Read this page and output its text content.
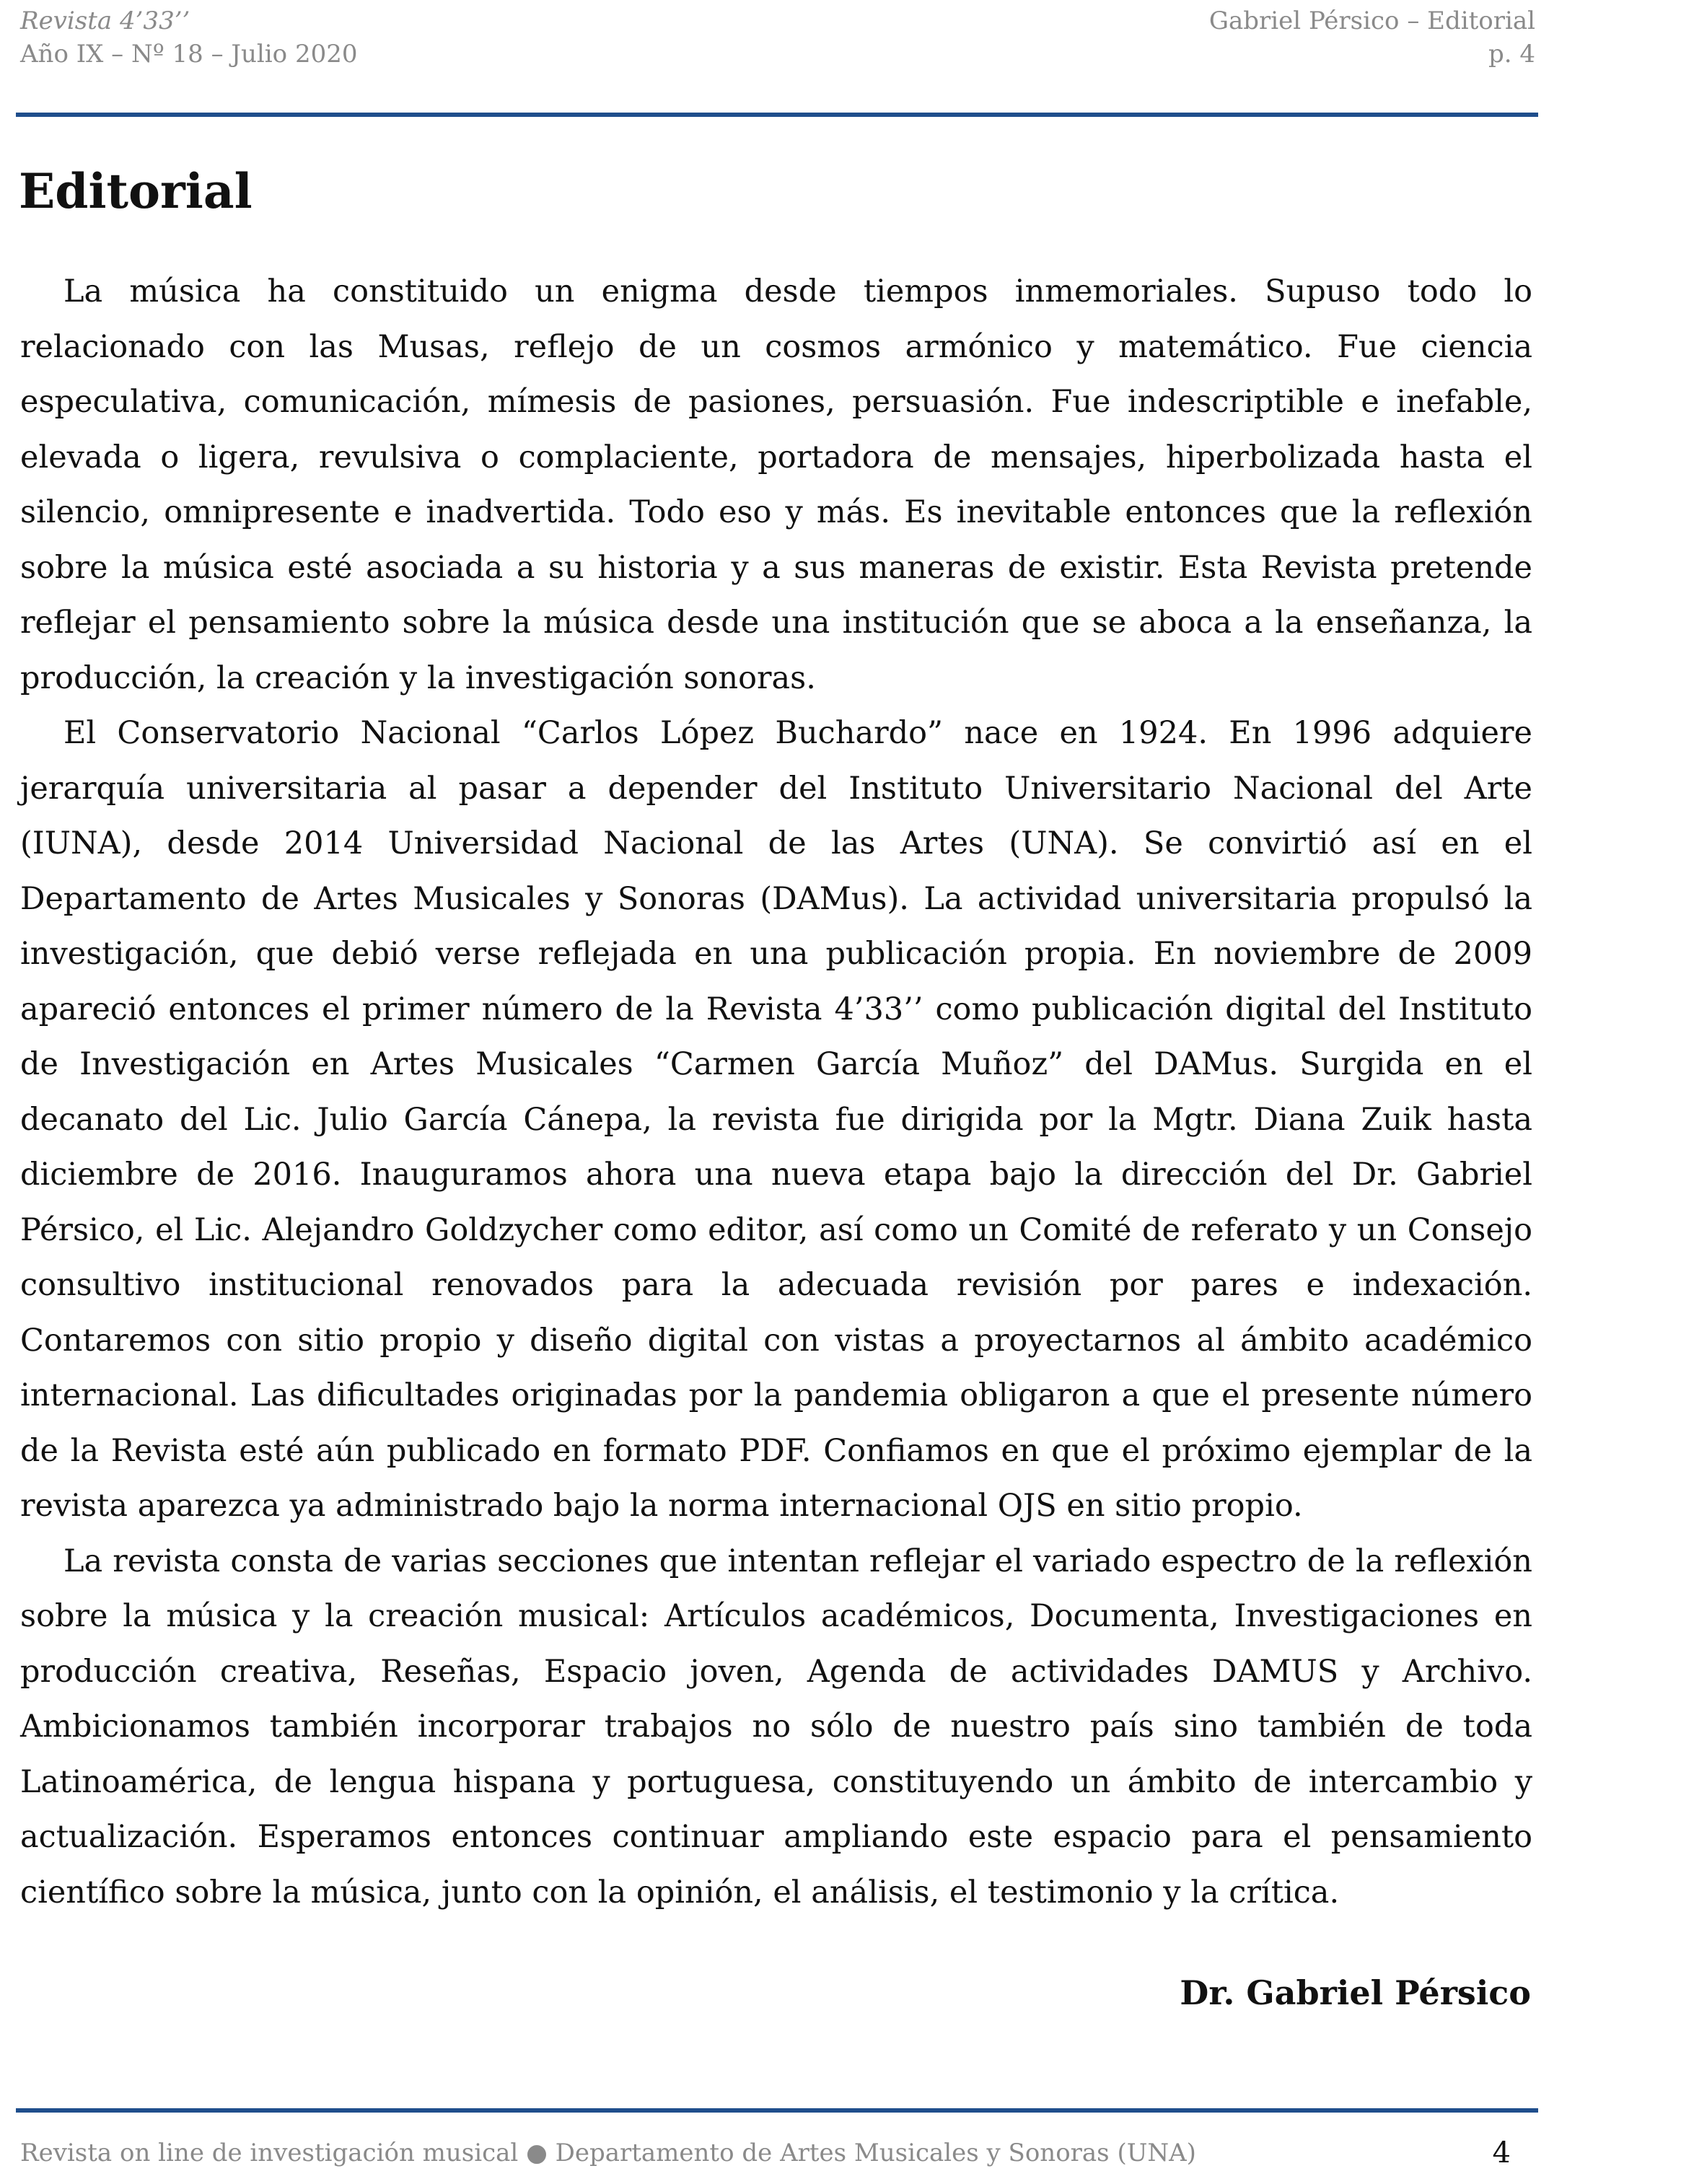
Revista 4’33’’
Año IX – Nº 18 – Julio 2020
Gabriel Pérsico – Editorial
p. 4
Editorial

La música ha constituido un enigma desde tiempos inmemoriales. Supuso todo lo relacionado con las Musas, reflejo de un cosmos armónico y matemático. Fue ciencia especulativa, comunicación, mímesis de pasiones, persuasión. Fue indescriptible e inefable, elevada o ligera, revulsiva o complaciente, portadora de mensajes, hiperbolizada hasta el silencio, omnipresente e inadvertida. Todo eso y más. Es inevitable entonces que la reflexión sobre la música esté asociada a su historia y a sus maneras de existir. Esta Revista pretende reflejar el pensamiento sobre la música desde una institución que se aboca a la enseñanza, la producción, la creación y la investigación sonoras.

El Conservatorio Nacional “Carlos López Buchardo” nace en 1924. En 1996 adquiere jerarquía universitaria al pasar a depender del Instituto Universitario Nacional del Arte (IUNA), desde 2014 Universidad Nacional de las Artes (UNA). Se convirtió así en el Departamento de Artes Musicales y Sonoras (DAMus). La actividad universitaria propulsó la investigación, que debió verse reflejada en una publicación propia. En noviembre de 2009 apareció entonces el primer número de la Revista 4’33’’ como publicación digital del Instituto de Investigación en Artes Musicales “Carmen García Muñoz” del DAMus. Surgida en el decanato del Lic. Julio García Cánepa, la revista fue dirigida por la Mgtr. Diana Zuik hasta diciembre de 2016. Inauguramos ahora una nueva etapa bajo la dirección del Dr. Gabriel Pérsico, el Lic. Alejandro Goldzycher como editor, así como un Comité de referato y un Consejo consultivo institucional renovados para la adecuada revisión por pares e indexación. Contaremos con sitio propio y diseño digital con vistas a proyectarnos al ámbito académico internacional. Las dificultades originadas por la pandemia obligaron a que el presente número de la Revista esté aún publicado en formato PDF. Confiamos en que el próximo ejemplar de la revista aparezca ya administrado bajo la norma internacional OJS en sitio propio.

La revista consta de varias secciones que intentan reflejar el variado espectro de la reflexión sobre la música y la creación musical: Artículos académicos, Documenta, Investigaciones en producción creativa, Reseñas, Espacio joven, Agenda de actividades DAMUS y Archivo. Ambicionamos también incorporar trabajos no sólo de nuestro país sino también de toda Latinoamérica, de lengua hispana y portuguesa, constituyendo un ámbito de intercambio y actualización. Esperamos entonces continuar ampliando este espacio para el pensamiento científico sobre la música, junto con la opinión, el análisis, el testimonio y la crítica.

Dr. Gabriel Pérsico
Revista on line de investigación musical ● Departamento de Artes Musicales y Sonoras (UNA)	4
